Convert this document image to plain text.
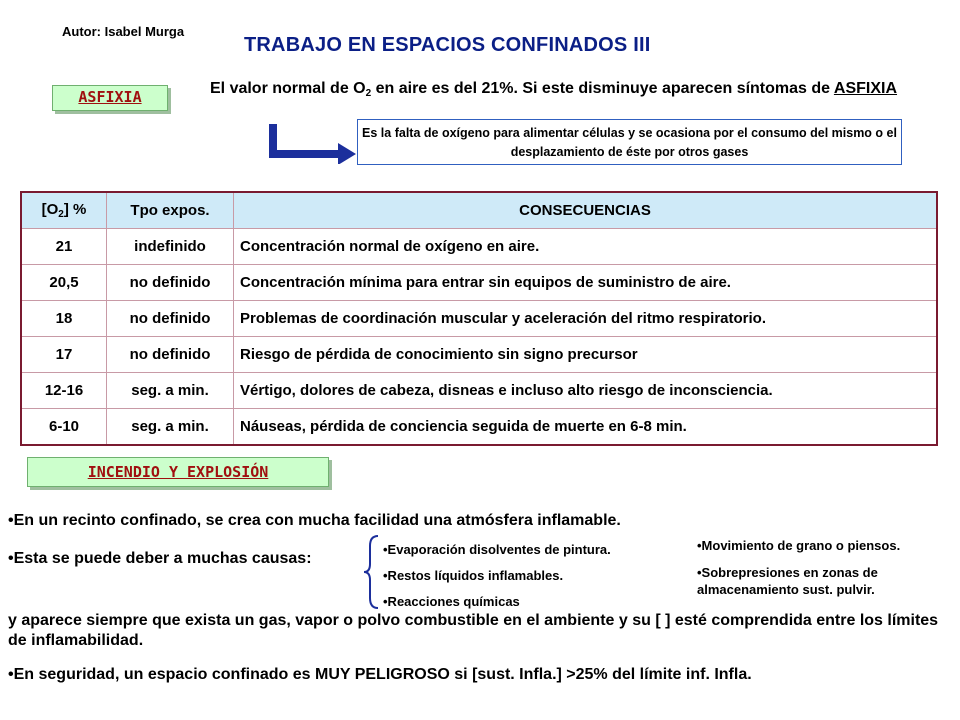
Autor: Isabel Murga
TRABAJO EN ESPACIOS CONFINADOS III
ASFIXIA	El valor normal de $O_2$ en aire es del 21%. Si este disminuye aparecen síntomas de ASFIXIA
Es la falta de oxígeno para alimentar células y se ocasiona por el consumo del mismo o el desplazamiento de éste por otros gases
$[O_2]$ %	Tpo expos.	CONSECUENCIAS
21	indefinido	Concentración normal de oxígeno en aire.
20,5	no definido	Concentración mínima para entrar sin equipos de suministro de aire.
18	no definido	Problemas de coordinación muscular y aceleración del ritmo respiratorio.
17	no definido	Riesgo de pérdida de conocimiento sin signo precursor
12-16	seg. a min.	Vértigo, dolores de cabeza, disneas e incluso alto riesgo de inconsciencia.
6-10	seg. a min.	Náuseas, pérdida de conciencia seguida de muerte en 6-8 min.
INCENDIO Y EXPLOSIÓN
•En un recinto confinado, se crea con mucha facilidad una atmósfera inflamable.
•Esta se puede deber a muchas causas:
•Evaporación disolventes de pintura.
•Restos líquidos inflamables.
•Reacciones químicas
•Movimiento de grano o piensos.
•Sobrepresiones en zonas de almacenamiento sust. pulvir.
y aparece siempre que exista un gas, vapor o polvo combustible en el ambiente y su [ ] esté comprendida entre los límites de inflamabilidad.
•En seguridad, un espacio confinado es MUY PELIGROSO si [sust. Infla.] >25% del límite inf. Infla.
